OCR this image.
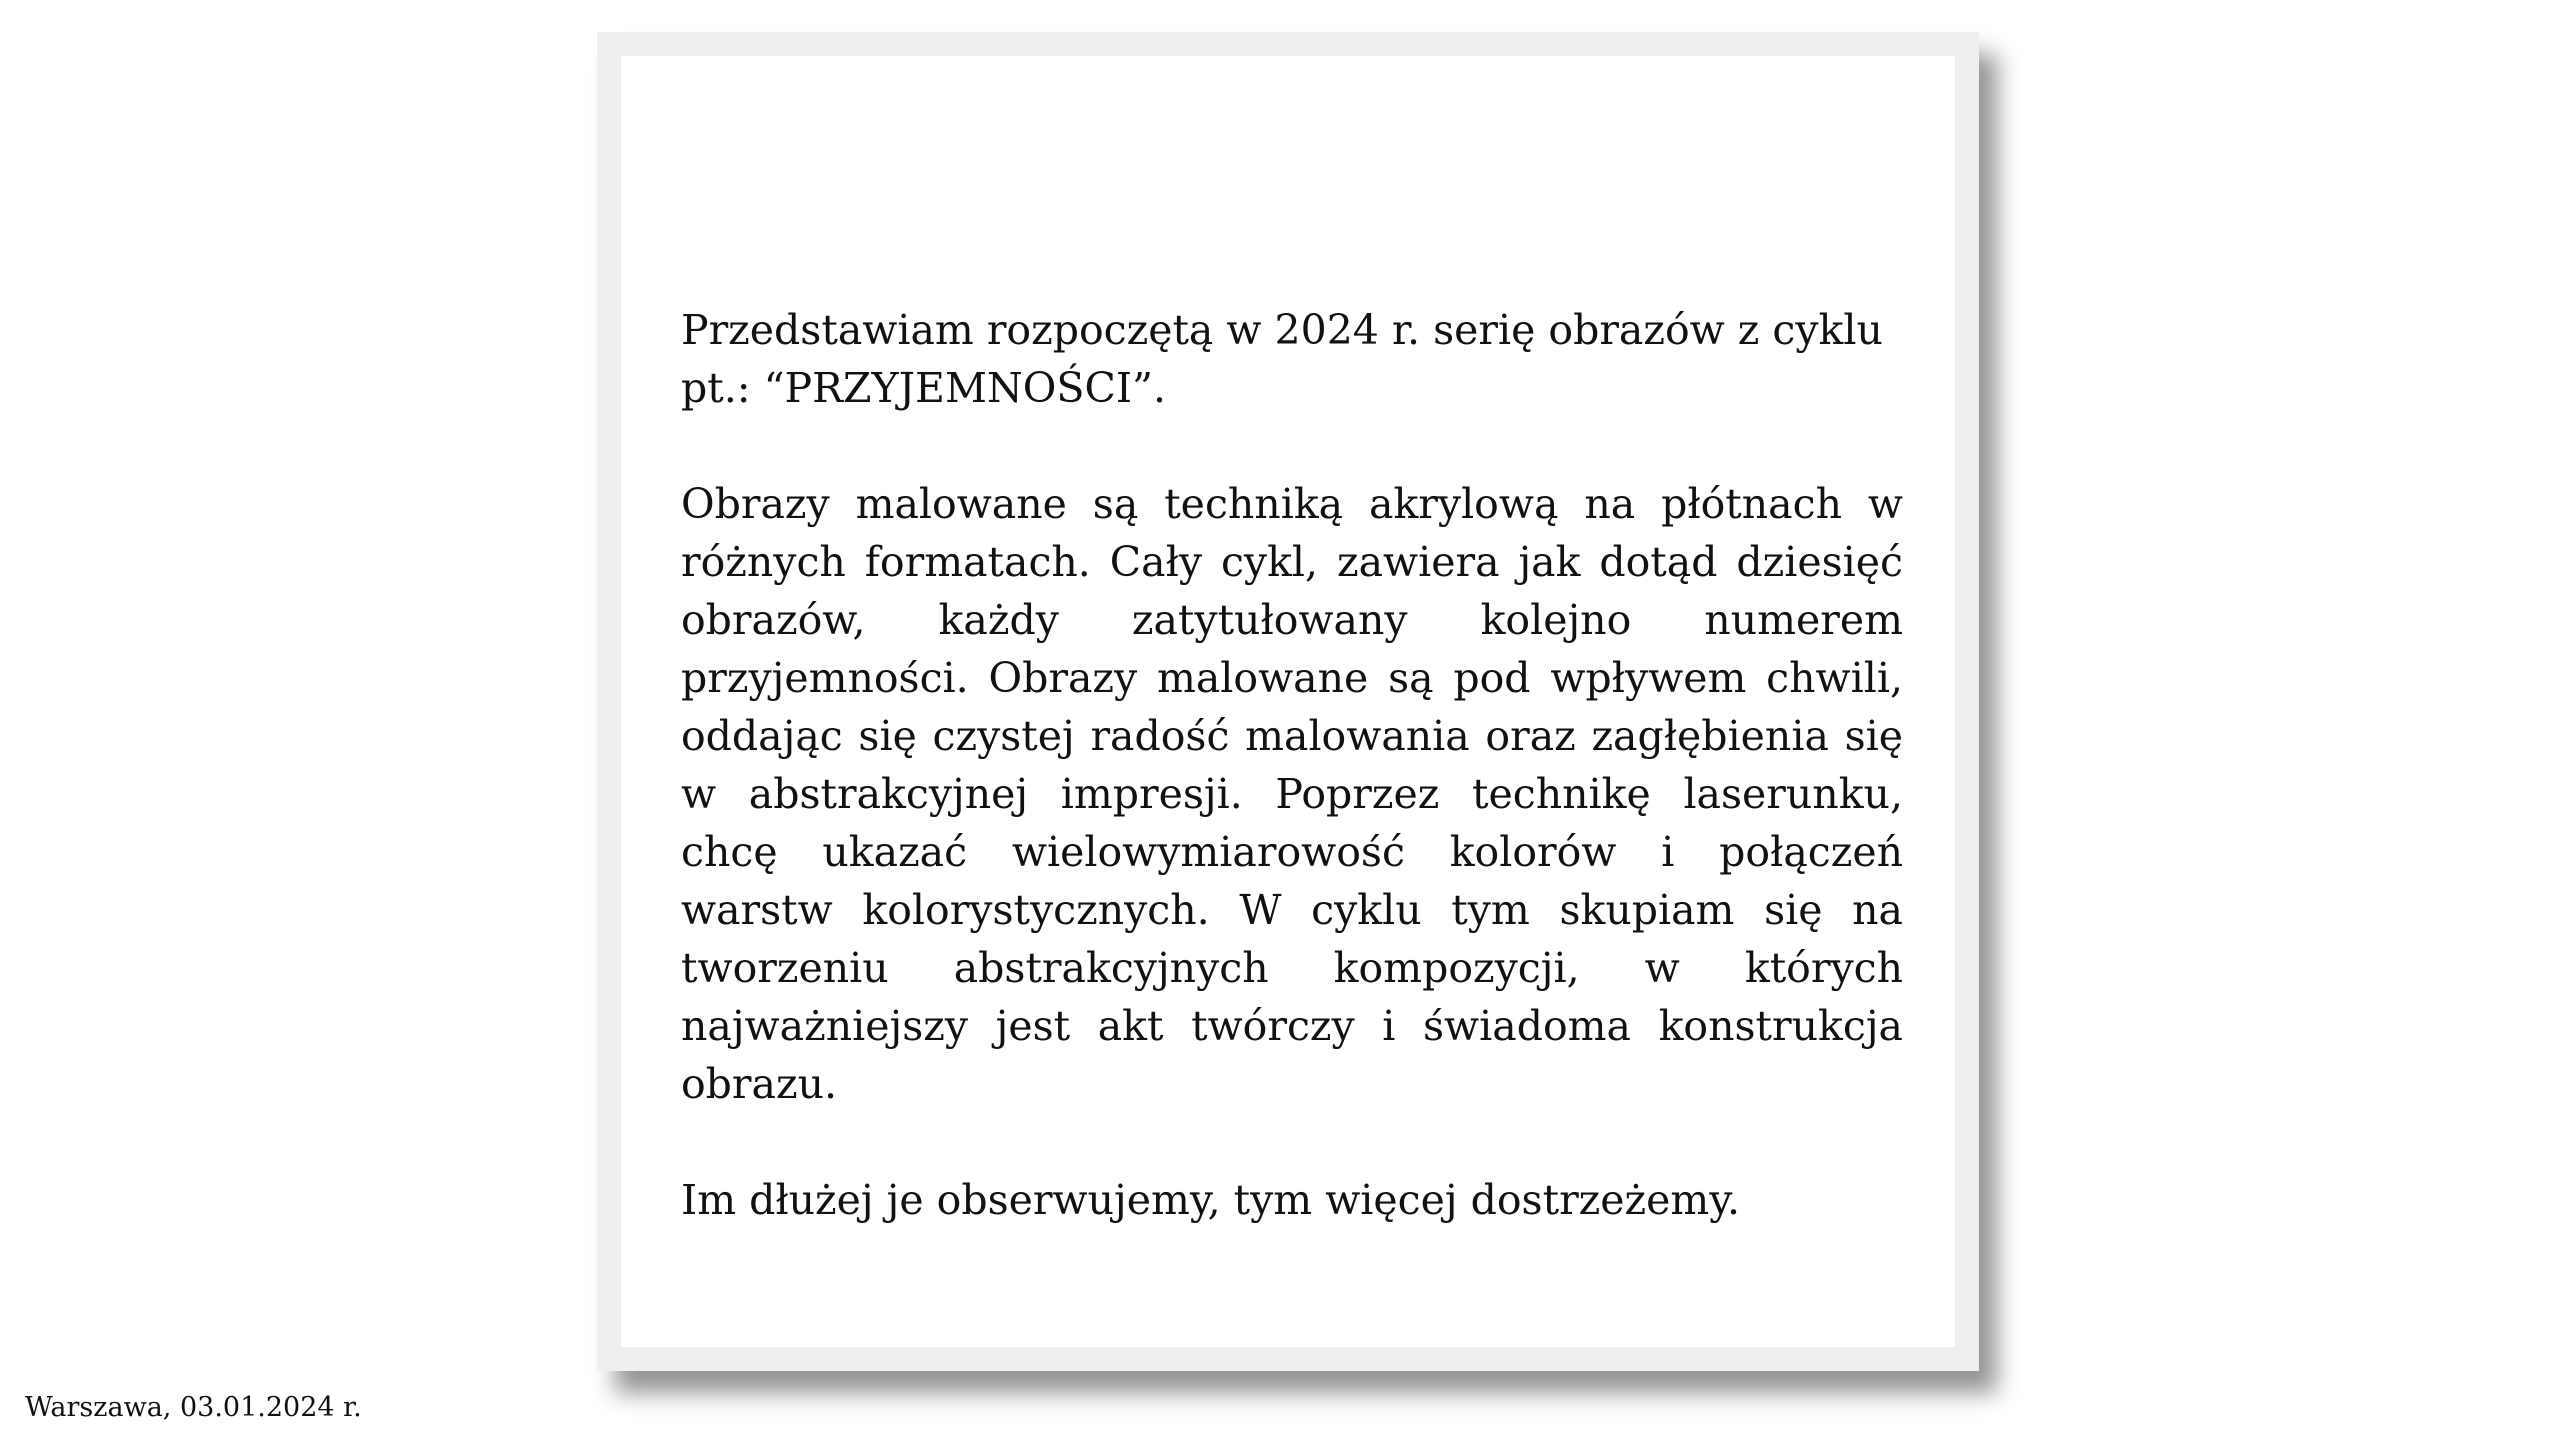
Przedstawiam rozpoczętą w 2024 r. serię obrazów z cyklu pt.: “PRZYJEMNOŚCI”.

Obrazy malowane są techniką akrylową na płótnach w różnych formatach. Cały cykl, zawiera jak dotąd dziesięć obrazów, każdy zatytułowany kolejno numerem przyjemności. Obrazy malowane są pod wpływem chwili, oddając się czystej radość malowania oraz zagłębienia się w abstrakcyjnej impresji. Poprzez technikę laserunku, chcę ukazać wielowymiarowość kolorów i połączeń warstw kolorystycznych. W cyklu tym skupiam się na tworzeniu abstrakcyjnych kompozycji, w których najważniejszy jest akt twórczy i świadoma konstrukcja obrazu.

Im dłużej je obserwujemy, tym więcej dostrzeżemy.

Warszawa, 03.01.2024 r.
